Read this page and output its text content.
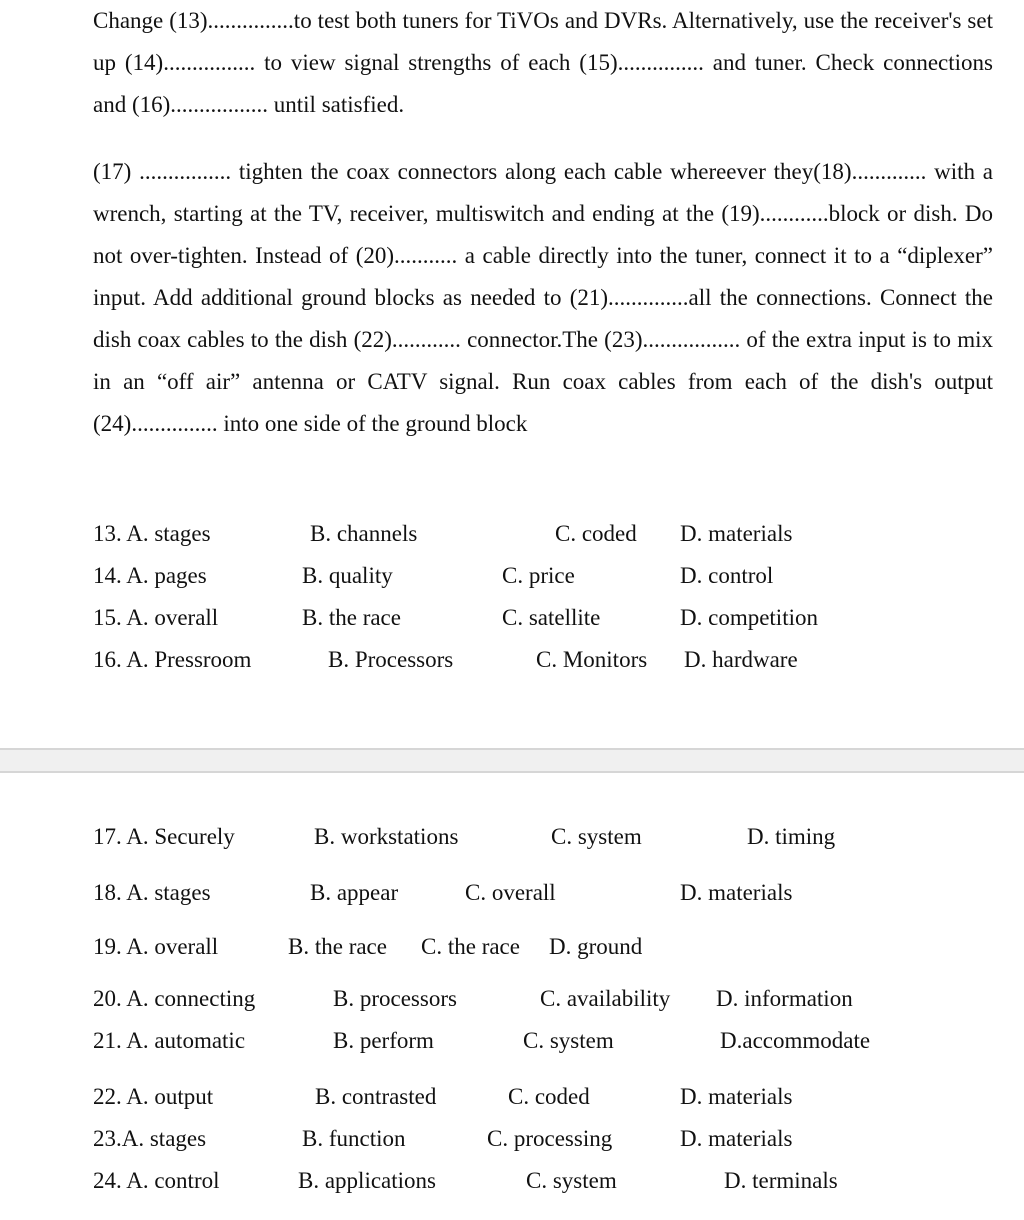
Change (13)...............to test both tuners for TiVOs and DVRs. Alternatively, use the receiver's set up (14)................ to view signal strengths of each (15)............... and tuner. Check connections and (16)................. until satisfied.

(17) ................ tighten the coax connectors along each cable whereever they(18)............. with a wrench, starting at the TV, receiver, multiswitch and ending at the (19)............block or dish. Do not over-tighten. Instead of (20)........... a cable directly into the tuner, connect it to a “diplexer” input. Add additional ground blocks as needed to (21)..............all the connections. Connect the dish coax cables to the dish (22)............ connector.The (23)................. of the extra input is to mix in an “off air” antenna or CATV signal. Run coax cables from each of the dish's output (24)............... into one side of the ground block

13. A. stages	B. channels	C. coded D. materials
14. A. pages	B. quality	C. price	D. control
15. A. overall	B. the race	C. satellite	D. competition
16. A. Pressroom	B. Processors	C. Monitors D. hardware
17. A. Securely	B. workstations	C. system	D. timing
18. A. stages	B. appear	C. overall	D. materials
19. A. overall	B. the race C. the race D. ground
20. A. connecting	B. processors	C. availability D. information
21. A. automatic	B. perform	C. system	D.accommodate
22. A. output	B. contrasted	C. coded	D. materials
23.A. stages	B. function	C. processing	D. materials
24. A. control	B. applications	C. system	D. terminals
